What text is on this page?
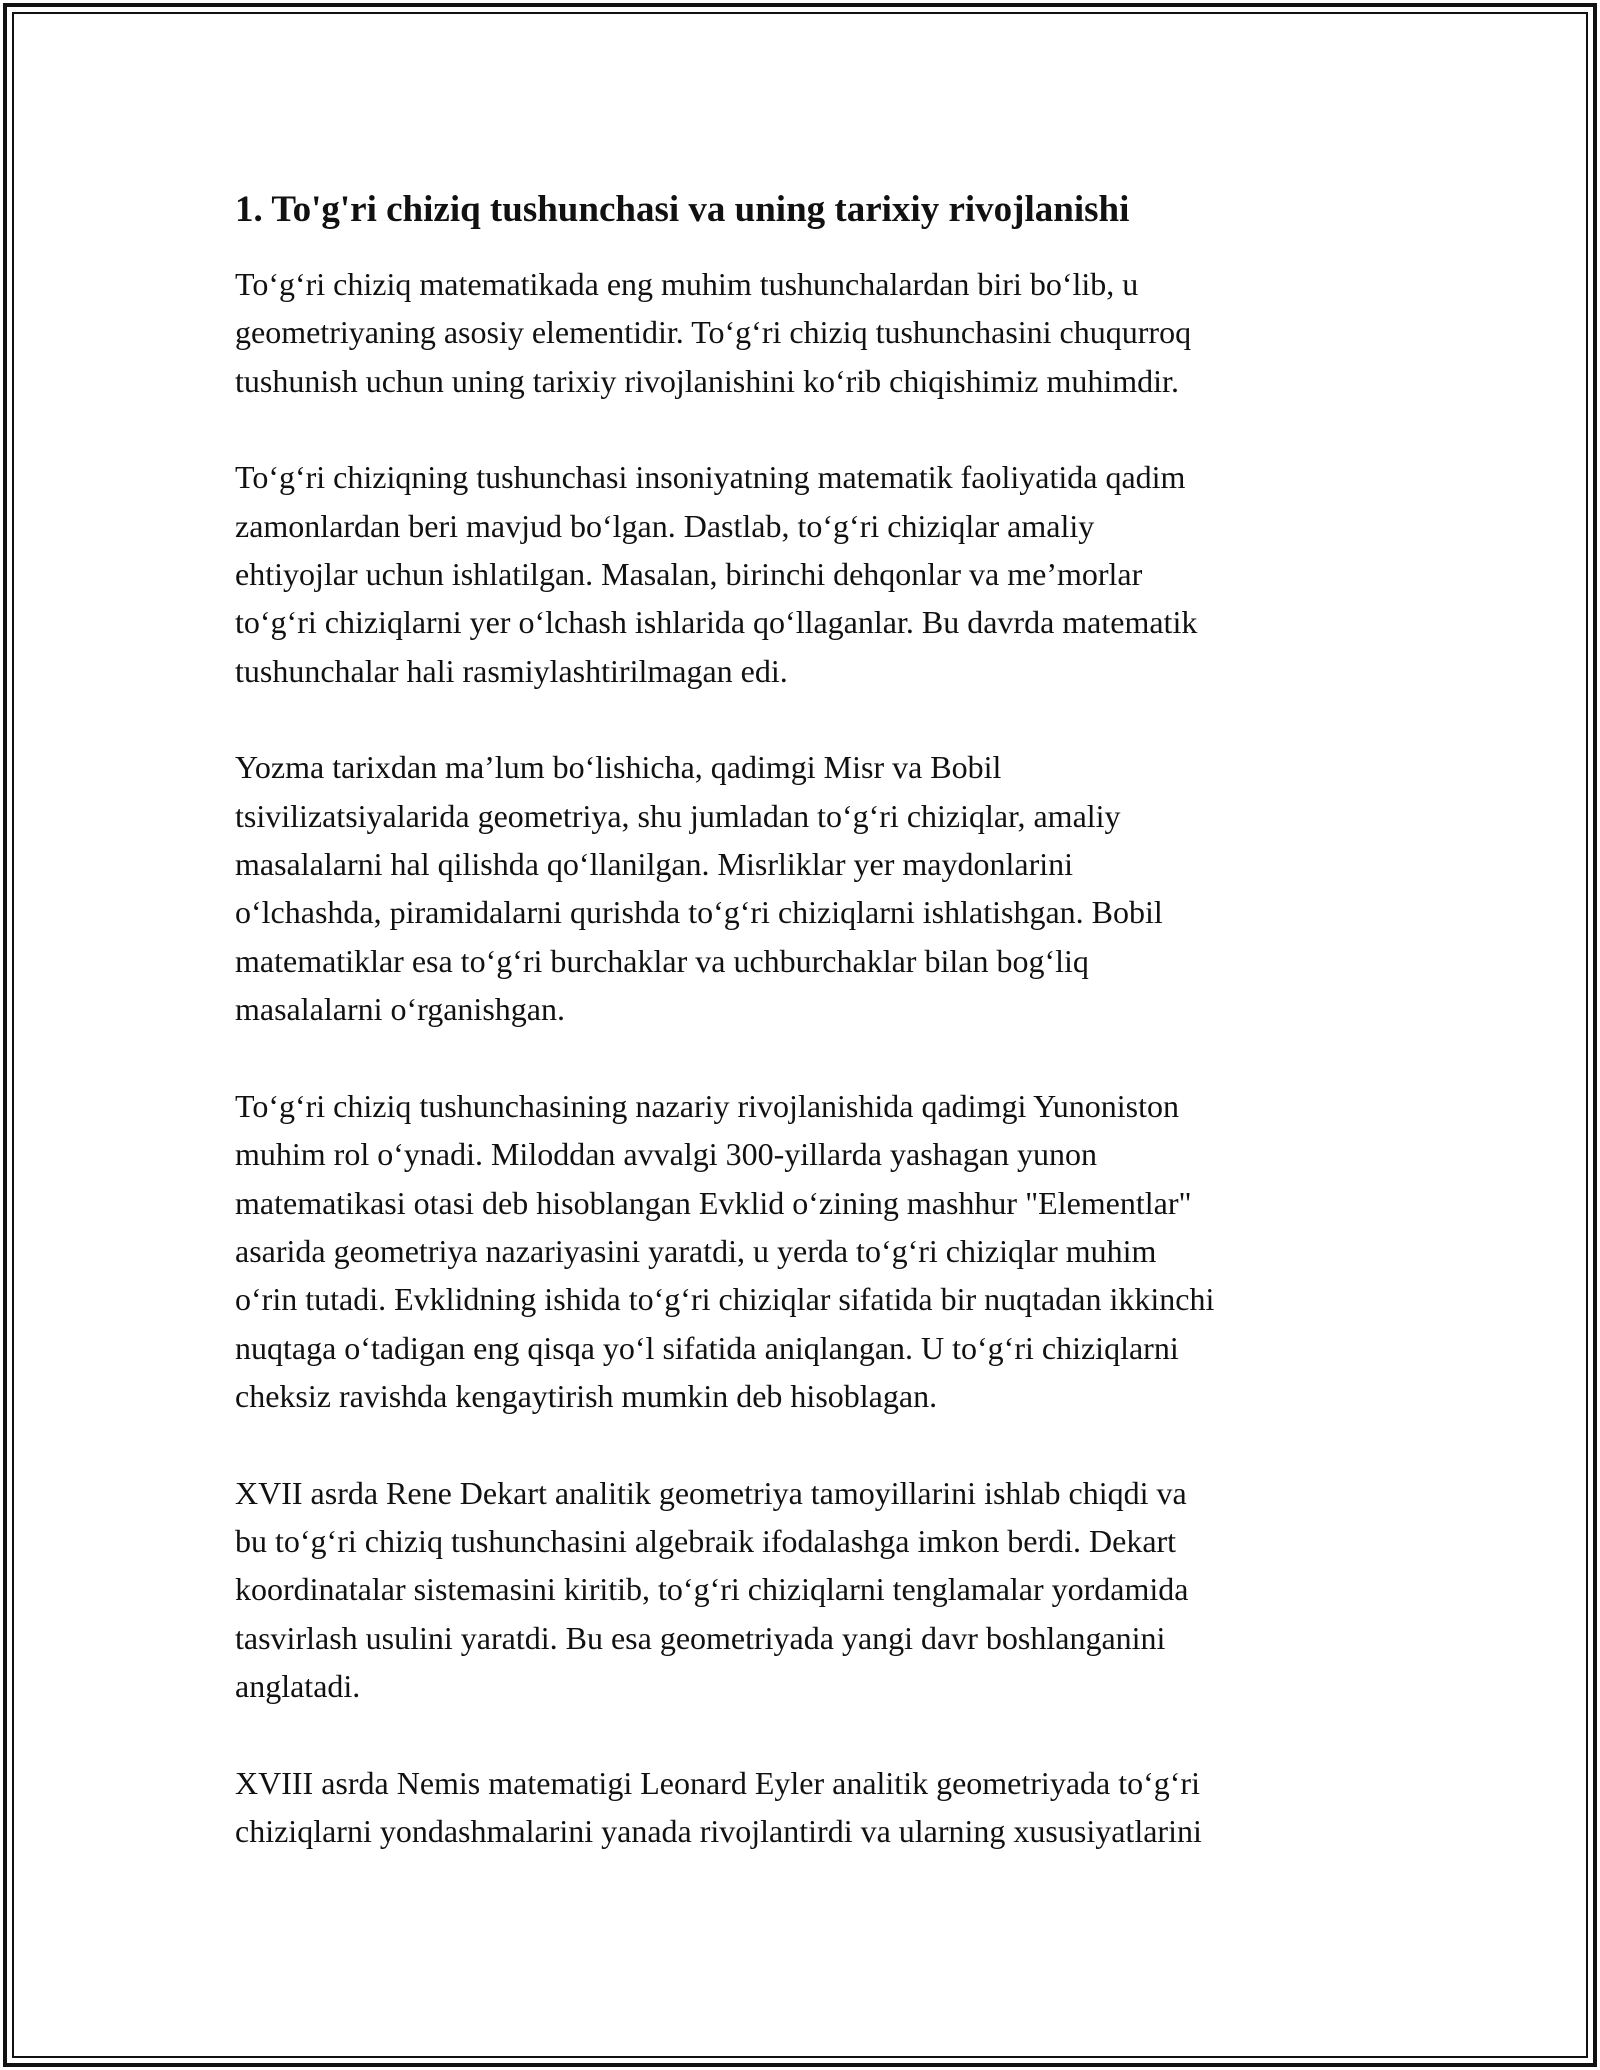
1. To'g'ri chiziq tushunchasi va uning tarixiy rivojlanishi
To‘g‘ri chiziq matematikada eng muhim tushunchalardan biri bo‘lib, u
geometriyaning asosiy elementidir. To‘g‘ri chiziq tushunchasini chuqurroq
tushunish uchun uning tarixiy rivojlanishini ko‘rib chiqishimiz muhimdir.
To‘g‘ri chiziqning tushunchasi insoniyatning matematik faoliyatida qadim
zamonlardan beri mavjud bo‘lgan. Dastlab, to‘g‘ri chiziqlar amaliy
ehtiyojlar uchun ishlatilgan. Masalan, birinchi dehqonlar va me’morlar
to‘g‘ri chiziqlarni yer o‘lchash ishlarida qo‘llaganlar. Bu davrda matematik
tushunchalar hali rasmiylashtirilmagan edi.
Yozma tarixdan ma’lum bo‘lishicha, qadimgi Misr va Bobil
tsivilizatsiyalarida geometriya, shu jumladan to‘g‘ri chiziqlar, amaliy
masalalarni hal qilishda qo‘llanilgan. Misrliklar yer maydonlarini
o‘lchashda, piramidalarni qurishda to‘g‘ri chiziqlarni ishlatishgan. Bobil
matematiklar esa to‘g‘ri burchaklar va uchburchaklar bilan bog‘liq
masalalarni o‘rganishgan.
To‘g‘ri chiziq tushunchasining nazariy rivojlanishida qadimgi Yunoniston
muhim rol o‘ynadi. Miloddan avvalgi 300-yillarda yashagan yunon
matematikasi otasi deb hisoblangan Evklid o‘zining mashhur "Elementlar"
asarida geometriya nazariyasini yaratdi, u yerda to‘g‘ri chiziqlar muhim
o‘rin tutadi. Evklidning ishida to‘g‘ri chiziqlar sifatida bir nuqtadan ikkinchi
nuqtaga o‘tadigan eng qisqa yo‘l sifatida aniqlangan. U to‘g‘ri chiziqlarni
cheksiz ravishda kengaytirish mumkin deb hisoblagan.
XVII asrda Rene Dekart analitik geometriya tamoyillarini ishlab chiqdi va
bu to‘g‘ri chiziq tushunchasini algebraik ifodalashga imkon berdi. Dekart
koordinatalar sistemasini kiritib, to‘g‘ri chiziqlarni tenglamalar yordamida
tasvirlash usulini yaratdi. Bu esa geometriyada yangi davr boshlanganini
anglatadi.
XVIII asrda Nemis matematigi Leonard Eyler analitik geometriyada to‘g‘ri
chiziqlarni yondashmalarini yanada rivojlantirdi va ularning xususiyatlarini
